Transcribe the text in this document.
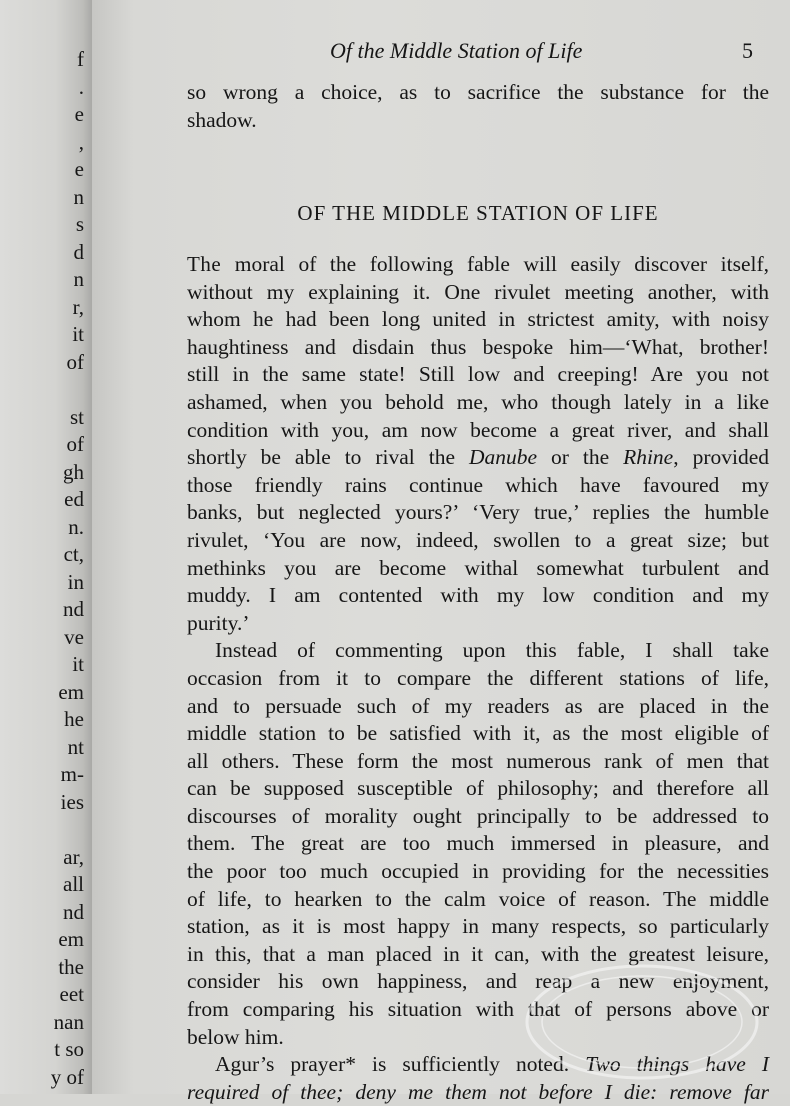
f
.
e
,
e
n
s
d
n
r,
it
of
st
of
gh
ed
n.
ct,
in
nd
ve
it
em
he
nt
m-
ies
ar,
all
nd
em
the
eet
nan
t so
y of
Of the Middle Station of Life	5
so wrong a choice, as to sacrifice the substance for the
shadow.
OF THE MIDDLE STATION OF LIFE
The moral of the following fable will easily discover itself,
without my explaining it. One rivulet meeting another, with
whom he had been long united in strictest amity, with noisy
haughtiness and disdain thus bespoke him—‘What, brother!
still in the same state! Still low and creeping! Are you not
ashamed, when you behold me, who though lately in a like
condition with you, am now become a great river, and shall
shortly be able to rival the Danube or the Rhine, provided
those friendly rains continue which have favoured my
banks, but neglected yours?’ ‘Very true,’ replies the humble
rivulet, ‘You are now, indeed, swollen to a great size; but
methinks you are become withal somewhat turbulent and
muddy. I am contented with my low condition and my
purity.’
Instead of commenting upon this fable, I shall take
occasion from it to compare the different stations of life,
and to persuade such of my readers as are placed in the
middle station to be satisfied with it, as the most eligible of
all others. These form the most numerous rank of men that
can be supposed susceptible of philosophy; and therefore all
discourses of morality ought principally to be addressed to
them. The great are too much immersed in pleasure, and
the poor too much occupied in providing for the necessities
of life, to hearken to the calm voice of reason. The middle
station, as it is most happy in many respects, so particularly
in this, that a man placed in it can, with the greatest leisure,
consider his own happiness, and reap a new enjoyment,
from comparing his situation with that of persons above or
below him.
Agur’s prayer* is sufficiently noted. Two things have I
required of thee; deny me them not before I die: remove far
